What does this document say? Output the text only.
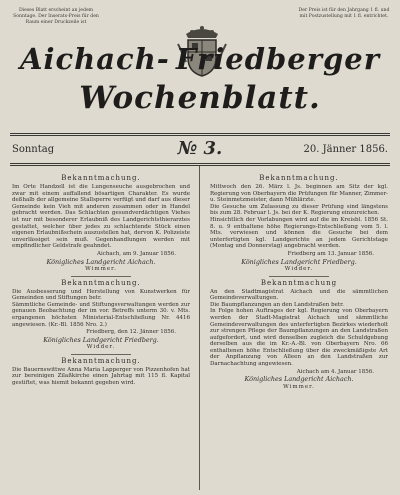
Dieses Blatt erscheint an jedem Sonntage. Der Inserats-Preis für den Raum einer Druckzeile ist
Der Preis ist für den Jahrgang 1 fl. und mit Postzustellung mit 1 fl. entrichtet.
Aichach- Friedberger
Wochenblatt.
Sonntag	№ 3.	20. Jänner 1856.
Bekanntmachung.
Im Orte Handzell ist die Lungenseuche ausgebrochen und zwar mit einem auffallend bösartigen Charakter. Es wurde deßhalb der allgemeine Stallsperre verfügt und darf aus dieser Gemeinde kein Vieh mit anderen zusammen oder in Handel gebracht werden. Das Schlachten gesundverdächtigen Viehes ist nur mit besonderer Erlaubniß des Landgerichtsthierarztes gestattet, welcher über jedes zu schlachtende Stück einen eigenen Erlaubnißschein auszustellen hat, dervon K. Polizeiste unverlässiget sein muß. Gegenhandlungen werden mit empfindlicher Geldstrafe geahndet.
Aichach, am 9. Januar 1856.
Königliches Landgericht Aichach.
Wimmer.
Bekanntmachung.
Die Ausbesserung und Herstellung von Kunstwerken für Gemeinden und Stiftungen betr.
Sämmtliche Gemeinde- und Stiftungsverwaltungen werden zur genauen Beobachtung der im vor. Betreffs unterm 30. v. Mts. ergangenen höchsten Ministerial-Entschließung Nr. 4416 angewiesen. (Kr.-Bl. 1856 Nro. 2.)
Friedberg, den 12. Jänner 1856.
Königliches Landgericht Friedberg.
Widder.
Bekanntmachung.
Die Bauernswittwe Anna Maria Lapperger von Pizzenhofen hat zur bereinigen Zilaßkirche einen Jahrtag mit 115 fl. Kapital gestiftet, was hiemit bekannt gegeben wird.
Bekanntmachung.
Mittwoch den 26. März l. Js. beginnen am Sitz der kgl. Regierung von Oberbayern die Prüfungen für Manner, Zimmer- u. Steinmetzmeister, dann Mühlärzte.
Die Gesuche um Zulassung zu dieser Prüfung sind längstens bis zum 28. Februar l. Js. bei der K. Regierung einzureichen.
Hinsichtlich der Vorlabungen wird auf die im Kreisbl. 1856 St. 8. u. 9 enthaltene höhe Regierungs-Entschließung vom 5. l. Mts. verwiesen und können die Gesuche bei dem unterfertigten kgl. Landgerichte an jedem Gerichtstage (Montag und Donnerstag) angebracht werden.
Friedberg am 13. Januar 1856.
Königliches Landgericht Friedberg.
Widder.
Bekanntmachung
An den Stadtmagistrat Aichach und die sämmtlichen Gemeindeverwaltungen.
Die Baumpflanzungen an den Landstraßen betr.
In Folge hohen Auftrages der kgl. Regierung von Oberbayern werden der Stadt-Magistrat Aichach und sämmtliche Gemeindeverwaltungen des unterfertigten Bezirkes wiederholt zur strengen Pflege der Baumpflanzungen an den Landstraßen aufgefordert, und wird denselben zugleich die Schuldgebung derselben aus die im Kr.-A.-Bl. von Oberbayern Nro. 66 enthaltenen höhe Entschließung über die zweckmäßigste Art der Anpflanzung von Alleen an den Landstraßen zur Darnachachtung angewiesen.
Aichach am 4. Januar 1856.
Königliches Landgericht Aichach.
Wimmer.
